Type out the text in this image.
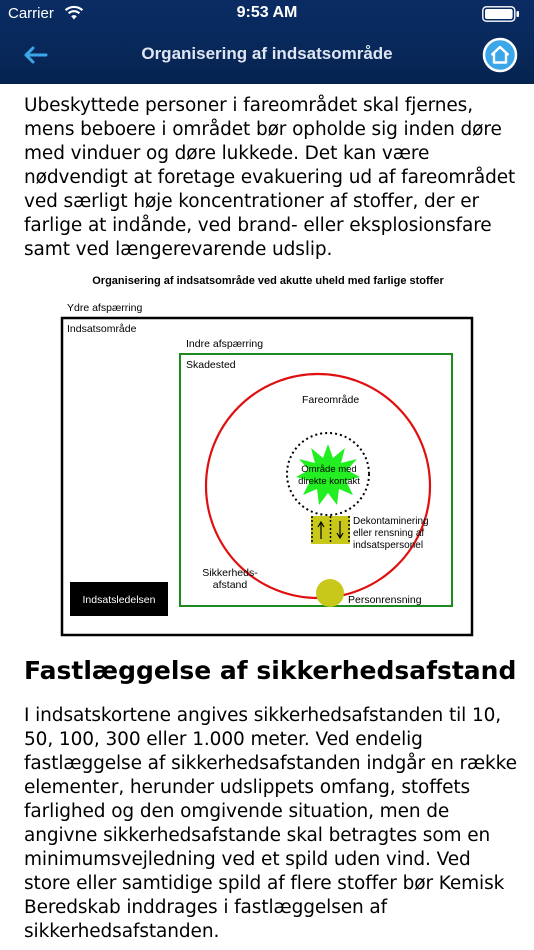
Carrier	9:53 AM
Organisering af indsatsområde

Ubeskyttede personer i fareområdet skal fjernes, mens beboere i området bør opholde sig inden døre med vinduer og døre lukkede. Det kan være nødvendigt at foretage evakuering ud af fareområdet ved særligt høje koncentrationer af stoffer, der er farlige at indånde, ved brand- eller eksplosionsfare samt ved længerevarende udslip.

Organisering af indsatsområde ved akutte uheld med farlige stoffer
Ydre afspærring
Indsatsområde
Indre afspærring
Skadested
Fareområde
Område med
direkte kontakt
Dekontaminering
eller rensning af
indsatspersonel
Sikkerheds-
afstand
Indsatsledelsen	Personrensning
Fastlæggelse af sikkerhedsafstand

I indsatskortene angives sikkerhedsafstanden til 10, 50, 100, 300 eller 1.000 meter. Ved endelig fastlæggelse af sikkerhedsafstanden indgår en række elementer, herunder udslippets omfang, stoffets farlighed og den omgivende situation, men de angivne sikkerhedsafstande skal betragtes som en minimumsvejledning ved et spild uden vind. Ved store eller samtidige spild af flere stoffer bør Kemisk Beredskab inddrages i fastlæggelsen af sikkerhedsafstanden.
